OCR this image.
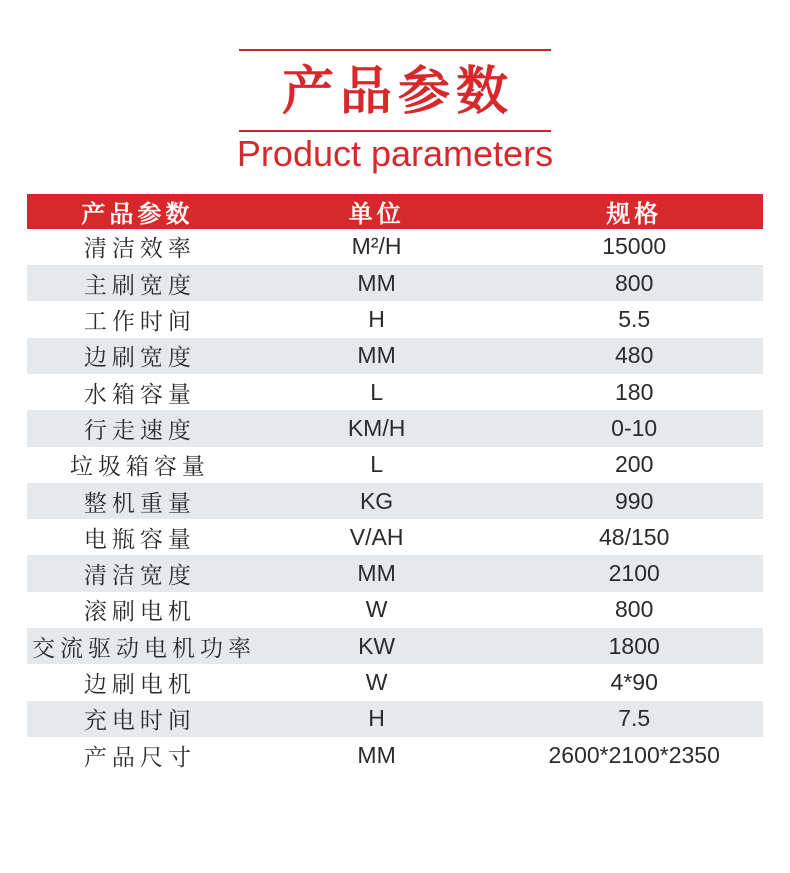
产品参数
Product parameters
产品参数	单位	规格
清洁效率	M²/H	15000
主刷宽度	MM	800
工作时间	H	5.5
边刷宽度	MM	480
水箱容量	L	180
行走速度	KM/H	0-10
垃圾箱容量	L	200
整机重量	KG	990
电瓶容量	V/AH	48/150
清洁宽度	MM	2100
滚刷电机	W	800
交流驱动电机功率	KW	1800
边刷电机	W	4*90
充电时间	H	7.5
产品尺寸	MM	2600*2100*2350
